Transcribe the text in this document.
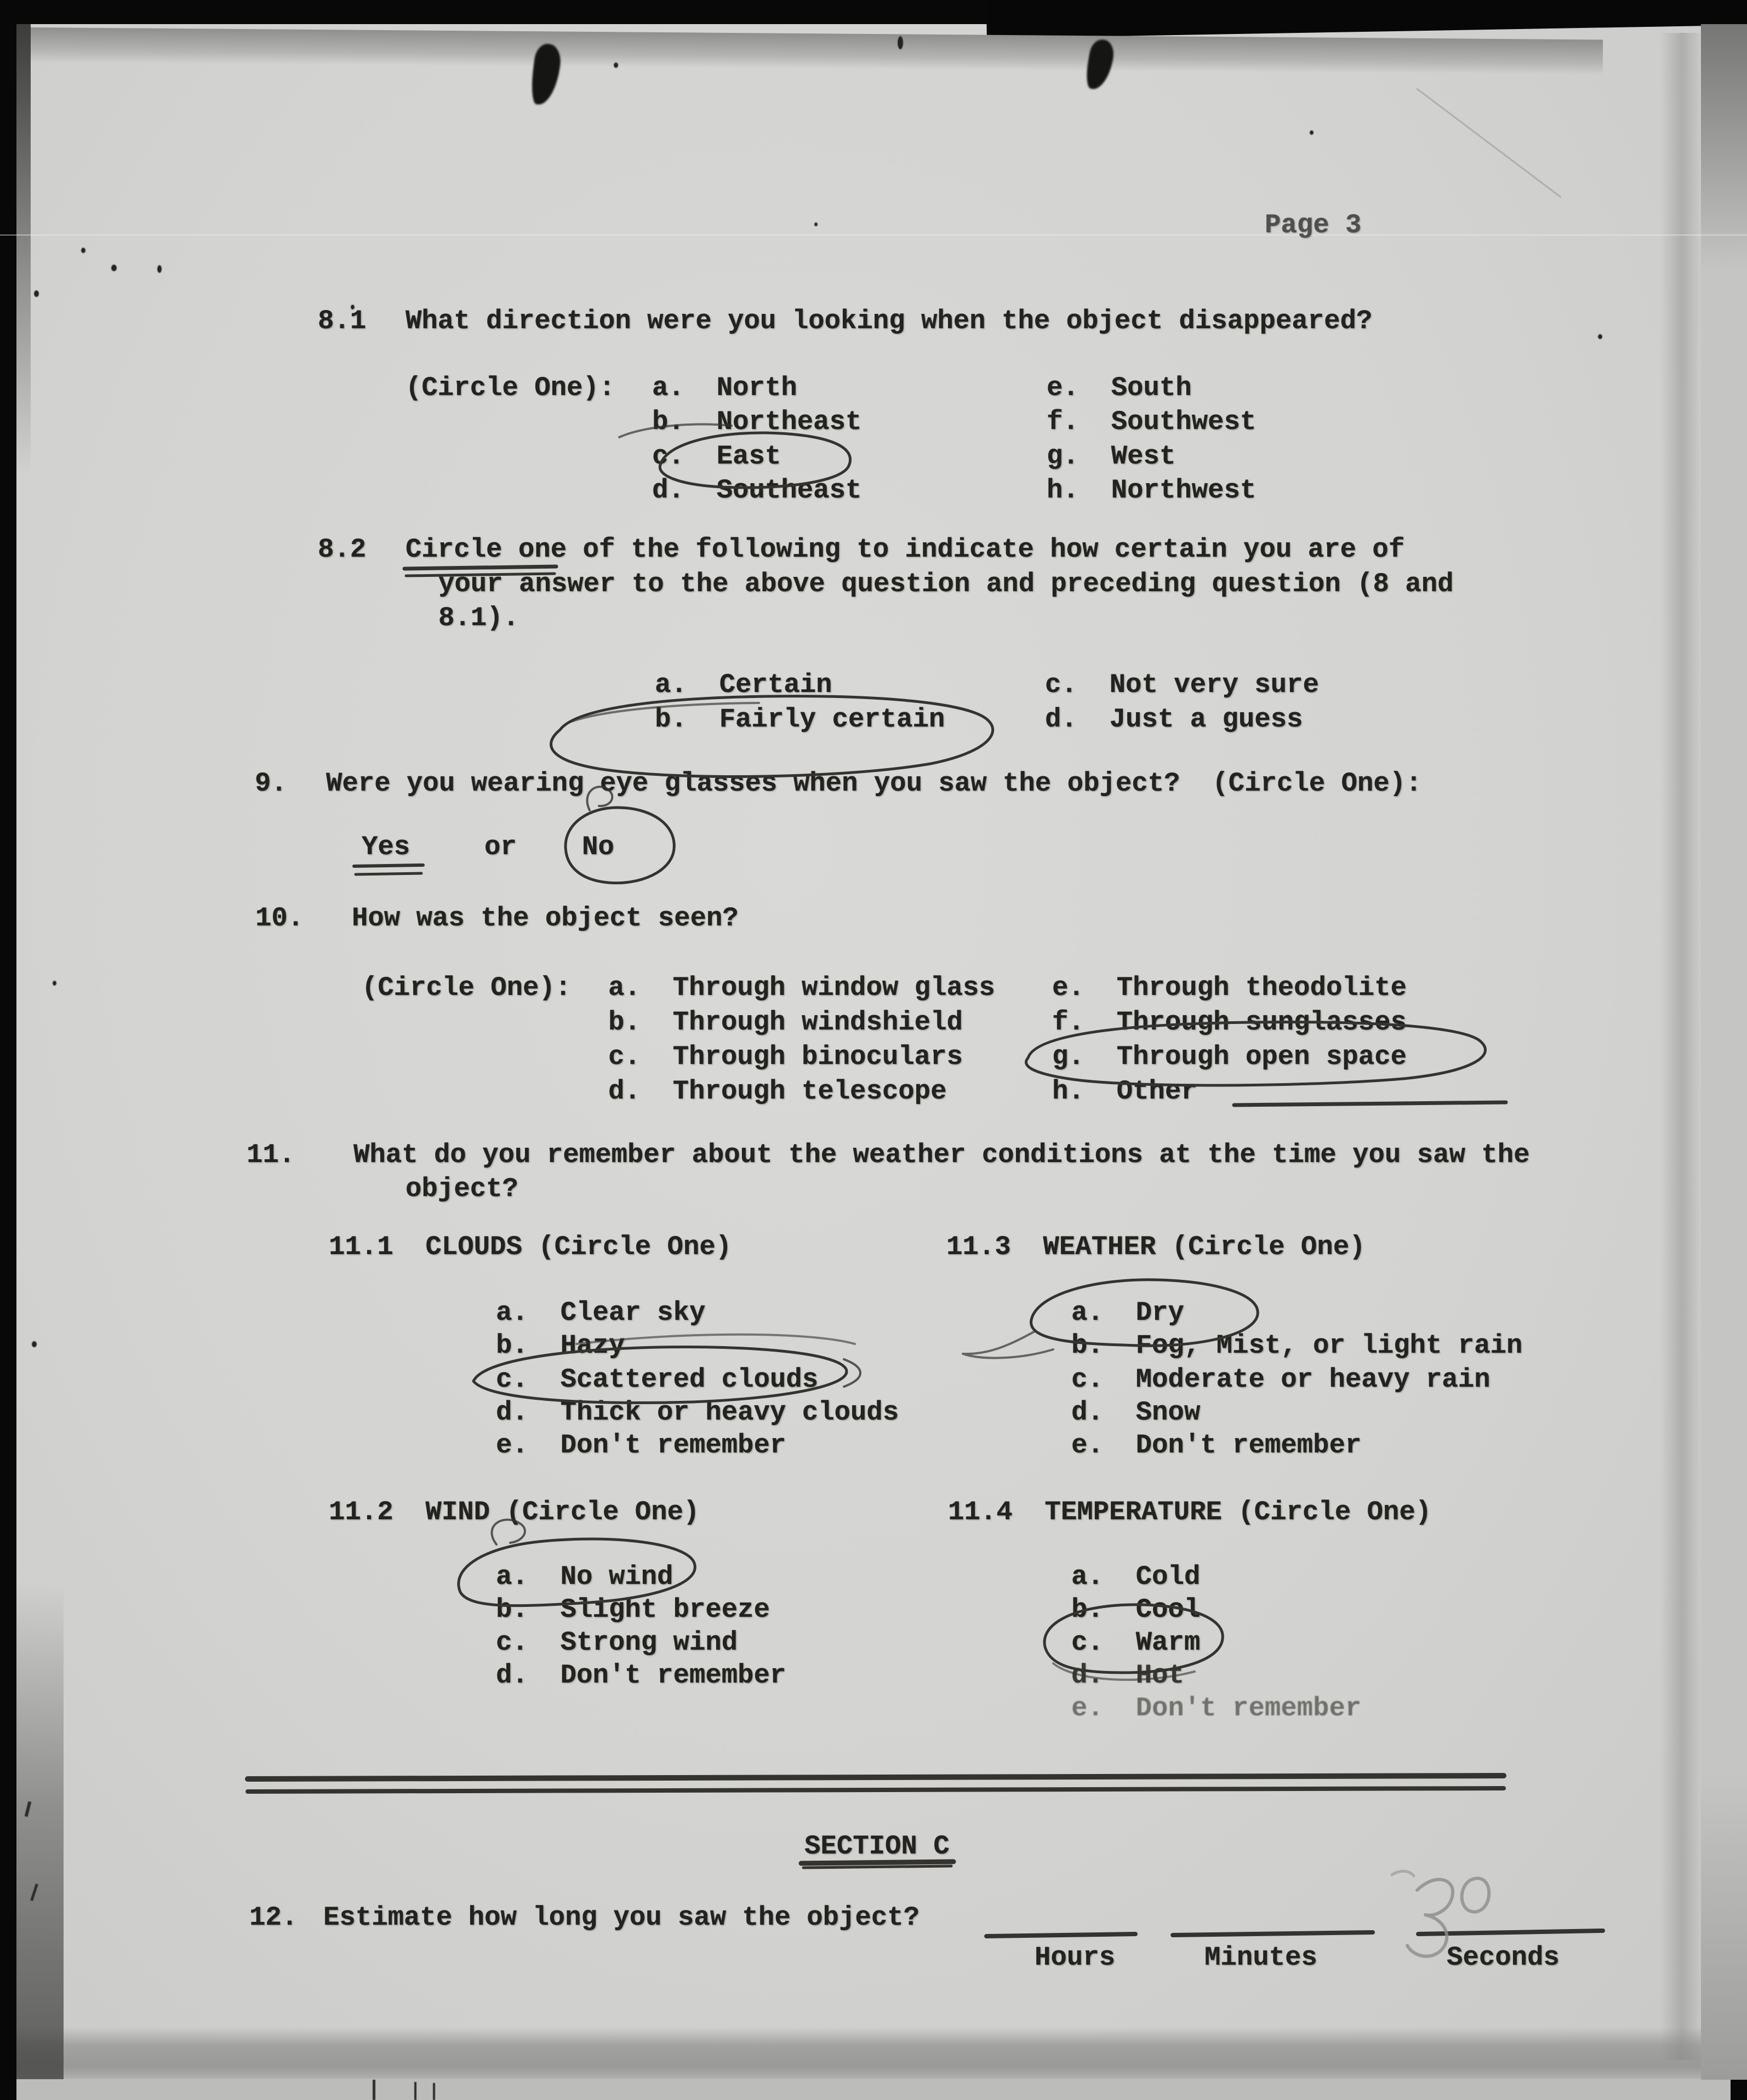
Page 3
8.1 What direction were you looking when the object disappeared?
(Circle One): a. North
b. Northeast
c. East
d. Southeast
e. South
f. Southwest
g. West
h. Northwest
8.2 Circle one of the following to indicate how certain you are of
your answer to the above question and preceding question (8 and
8.1).
a. Certain
b. Fairly certain
c. Not very sure
d. Just a guess
9. Were you wearing eye glasses when you saw the object?  (Circle One):
Yes	or No
10. How was the object seen?
(Circle One): a. Through window glass
b. Through windshield
c. Through binoculars
d. Through telescope
e. Through theodolite
f. Through sunglasses
g. Through open space
h. Other
11. What do you remember about the weather conditions at the time you saw the
object?
11.1 CLOUDS (Circle One)	11.3 WEATHER (Circle One)
a. Clear sky
b. Hazy
c. Scattered clouds
d. Thick or heavy clouds
e. Don't remember
a. Dry
b. Fog, Mist, or light rain
c. Moderate or heavy rain
d. Snow
e. Don't remember
11.2 WIND (Circle One)	11.4 TEMPERATURE (Circle One)
a. No wind
b. Slight breeze
c. Strong wind
d. Don't remember
a. Cold
b. Cool
c. Warm
d. Hot
e. Don't remember
SECTION C
12. Estimate how long you saw the object?
Hours	Minutes	Seconds
